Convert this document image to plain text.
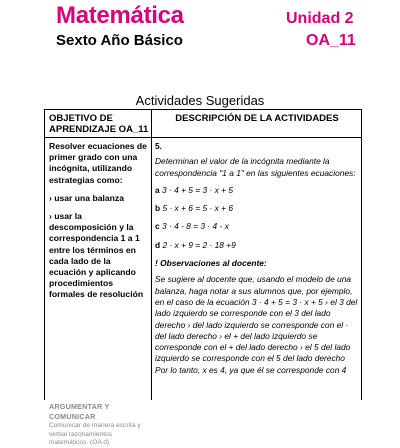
Matemática
Sexto Año Básico
Unidad 2
OA_11
Actividades Sugeridas
OBJETIVO DE APRENDIZAJE OA_11
DESCRIPCIÓN DE LA ACTIVIDADES

Resolver ecuaciones de primer grado con una incógnita, utilizando estrategias como:

› usar una balanza

› usar la descomposición y la correspondencia 1 a 1 entre los términos en cada lado de la ecuación y aplicando procedimientos formales de resolución

ARGUMENTAR Y COMUNICAR
Comunicar de manera escrita y verbal razonamientos matemáticos. (OA d)

5.

Determinan el valor de la incógnita mediante la correspondencia "1 a 1" en las siguientes ecuaciones:

a 3 · 4 + 5 = 3 · x + 5

b 5 · x + 6 = 5 · x + 6

c 3 · 4 - 8 = 3 · 4 - x

d 2 · x + 9 = 2 · 18 +9

! Observaciones al docente:

Se sugiere al docente que, usando el modelo de una balanza, haga notar a sus alumnos que, por ejemplo, en el caso de la ecuación 3 · 4 + 5 = 3 · x + 5 › el 3 del lado izquierdo se corresponde con el 3 del lado derecho › del lado izquierdo se corresponde con el · del lado derecho › el + del lado izquierdo se corresponde con el + del lado derecho › el 5 del lado izquierdo se corresponde con el 5 del lado derecho Por lo tanto, x es 4, ya que él se corresponde con 4
